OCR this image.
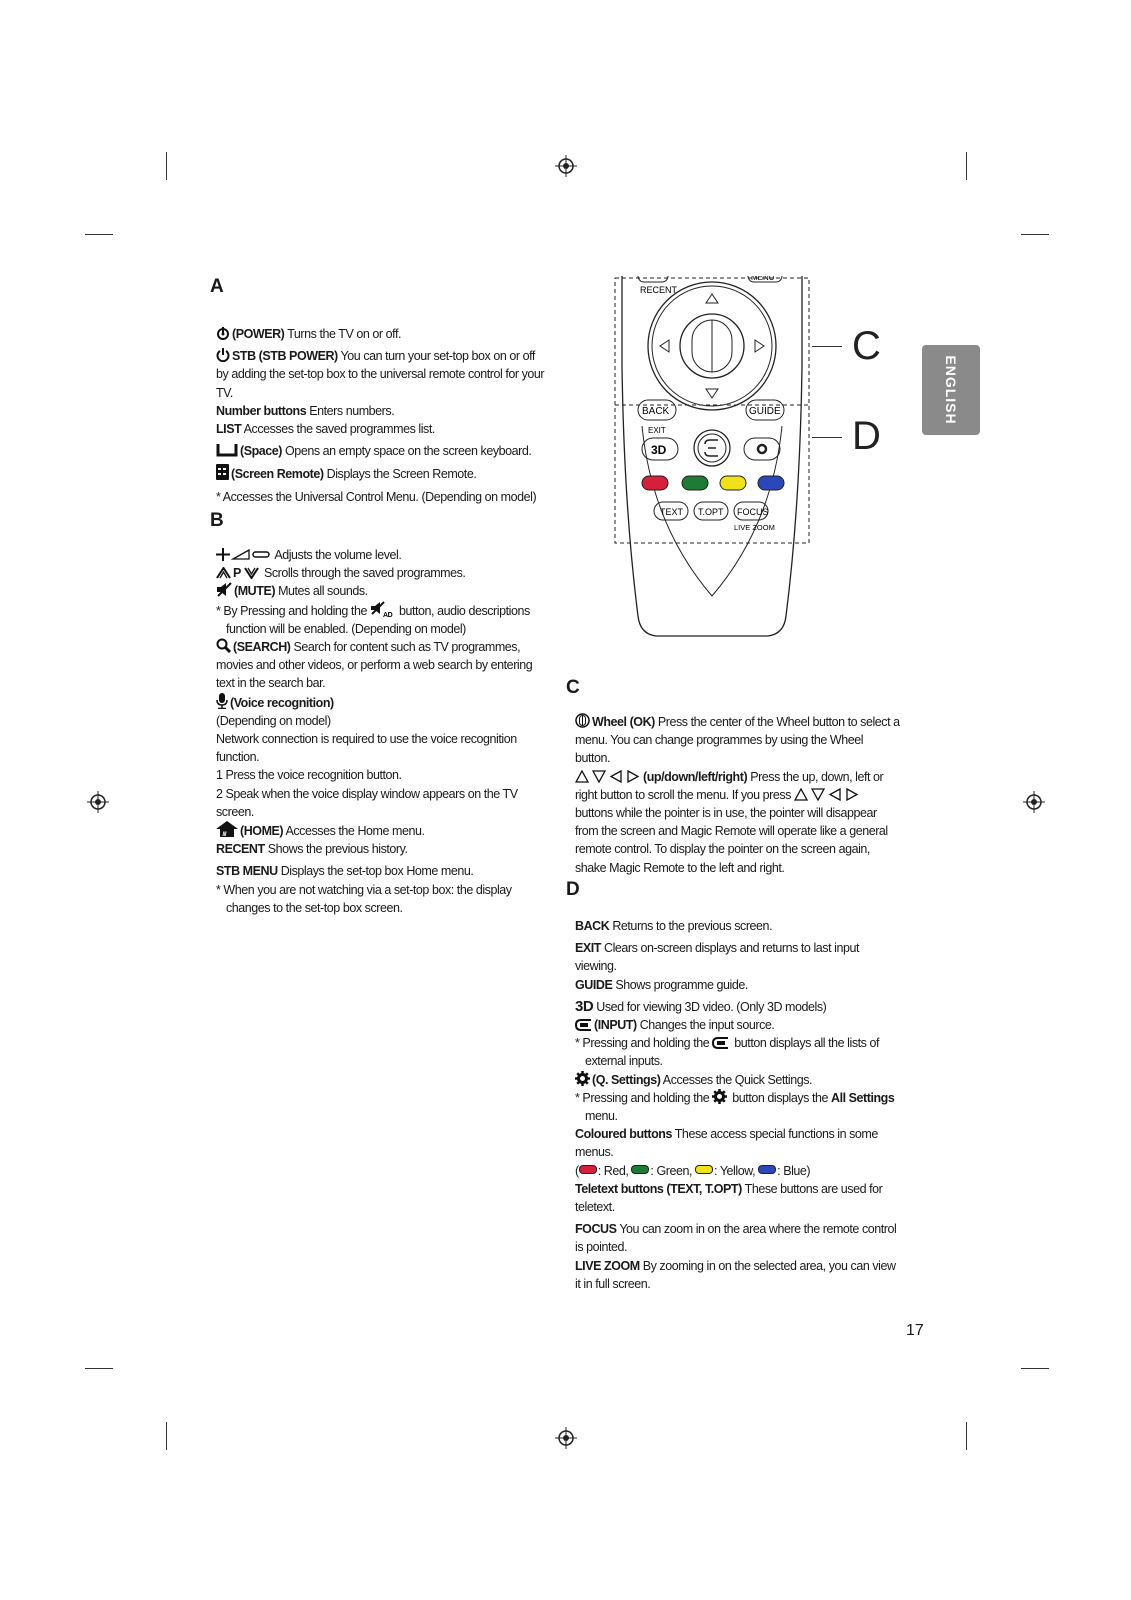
ENGLISH
RECENT
MENU
BACK
EXIT
GUIDE
3D
TEXT T.OPT FOCUS
LIVE ZOOM
C
D
A
B
C
D

(POWER) Turns the TV on or off.

STB (STB POWER) You can turn your set-top box on or off by adding the set-top box to the universal remote control for your TV.

Number buttons Enters numbers.

LIST Accesses the saved programmes list.

(Space) Opens an empty space on the screen keyboard.

(Screen Remote) Displays the Screen Remote.

* Accesses the Universal Control Menu. (Depending on model)

Adjusts the volume level.

P  Scrolls through the saved programmes.

(MUTE) Mutes all sounds.

* By Pressing and holding the AD button, audio descriptions function will be enabled. (Depending on model)

(SEARCH) Search for content such as TV programmes, movies and other videos, or perform a web search by entering text in the search bar.

(Voice recognition)

(Depending on model)

Network connection is required to use the voice recognition function.

1 Press the voice recognition button.

2 Speak when the voice display window appears on the TV screen.

/// (HOME) Accesses the Home menu.

RECENT Shows the previous history.

STB MENU Displays the set-top box Home menu.

* When you are not watching via a set-top box: the display changes to the set-top box screen.

Wheel (OK) Press the center of the Wheel button to select a menu. You can change programmes by using the Wheel button.

(up/down/left/right) Press the up, down, left or right button to scroll the menu. If you press  buttons while the pointer is in use, the pointer will disappear from the screen and Magic Remote will operate like a general remote control. To display the pointer on the screen again, shake Magic Remote to the left and right.

BACK Returns to the previous screen.

EXIT Clears on-screen displays and returns to last input viewing.

GUIDE Shows programme guide.

3D Used for viewing 3D video. (Only 3D models)

(INPUT) Changes the input source.

* Pressing and holding the  button displays all the lists of external inputs.

(Q. Settings) Accesses the Quick Settings.

* Pressing and holding the  button displays the All Settings menu.

Coloured buttons These access special functions in some menus.

( : Red, : Green, : Yellow, : Blue)

Teletext buttons (TEXT, T.OPT) These buttons are used for teletext.

FOCUS You can zoom in on the area where the remote control is pointed.

LIVE ZOOM By zooming in on the selected area, you can view it in full screen.

17
